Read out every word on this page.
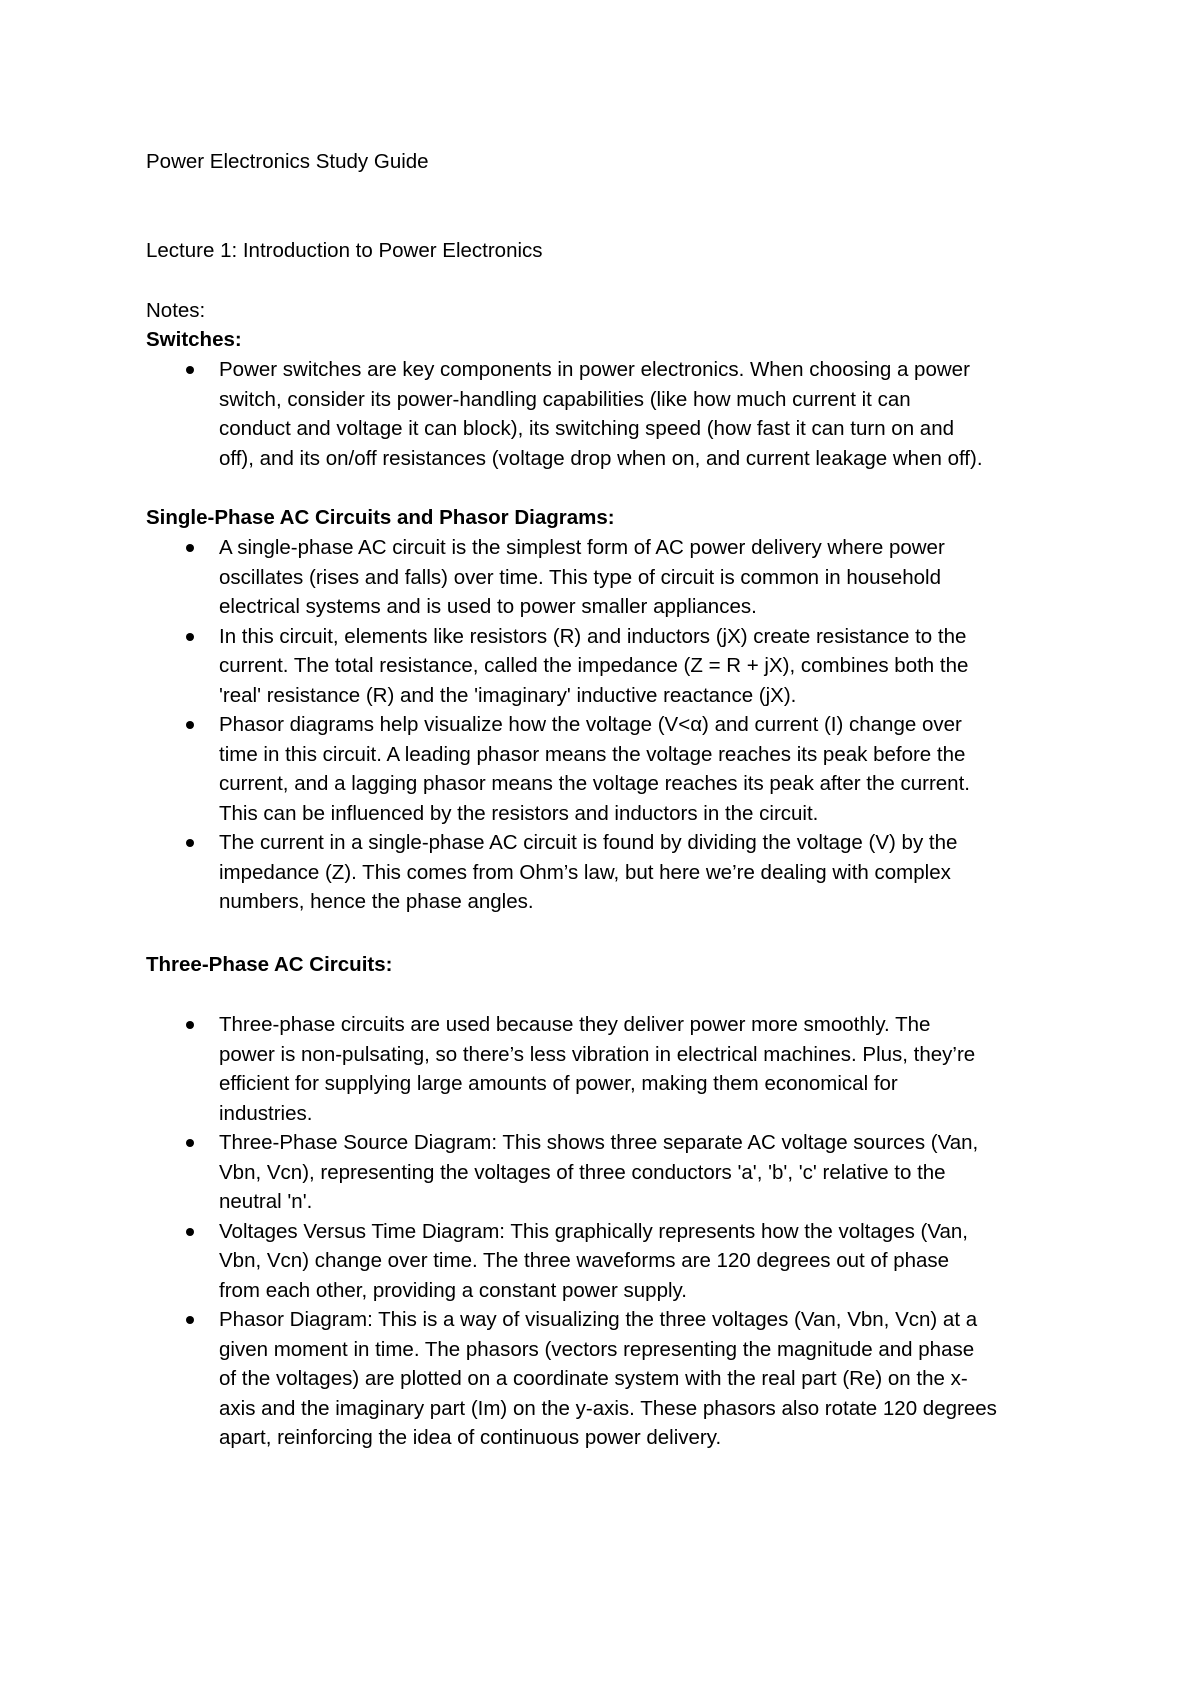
Power Electronics Study Guide

Lecture 1: Introduction to Power Electronics

Notes:

Switches:

Power switches are key components in power electronics. When choosing a power
switch, consider its power-handling capabilities (like how much current it can
conduct and voltage it can block), its switching speed (how fast it can turn on and
off), and its on/off resistances (voltage drop when on, and current leakage when off).

Single-Phase AC Circuits and Phasor Diagrams:

A single-phase AC circuit is the simplest form of AC power delivery where power
oscillates (rises and falls) over time. This type of circuit is common in household
electrical systems and is used to power smaller appliances.
In this circuit, elements like resistors (R) and inductors (jX) create resistance to the
current. The total resistance, called the impedance (Z = R + jX), combines both the
'real' resistance (R) and the 'imaginary' inductive reactance (jX).
Phasor diagrams help visualize how the voltage (V<α) and current (I) change over
time in this circuit. A leading phasor means the voltage reaches its peak before the
current, and a lagging phasor means the voltage reaches its peak after the current.
This can be influenced by the resistors and inductors in the circuit.
The current in a single-phase AC circuit is found by dividing the voltage (V) by the
impedance (Z). This comes from Ohm’s law, but here we’re dealing with complex
numbers, hence the phase angles.

Three-Phase AC Circuits:

Three-phase circuits are used because they deliver power more smoothly. The
power is non-pulsating, so there’s less vibration in electrical machines. Plus, they’re
efficient for supplying large amounts of power, making them economical for
industries.
Three-Phase Source Diagram: This shows three separate AC voltage sources (Van,
Vbn, Vcn), representing the voltages of three conductors 'a', 'b', 'c' relative to the
neutral 'n'.
Voltages Versus Time Diagram: This graphically represents how the voltages (Van,
Vbn, Vcn) change over time. The three waveforms are 120 degrees out of phase
from each other, providing a constant power supply.
Phasor Diagram: This is a way of visualizing the three voltages (Van, Vbn, Vcn) at a
given moment in time. The phasors (vectors representing the magnitude and phase
of the voltages) are plotted on a coordinate system with the real part (Re) on the x-
axis and the imaginary part (Im) on the y-axis. These phasors also rotate 120 degrees
apart, reinforcing the idea of continuous power delivery.
